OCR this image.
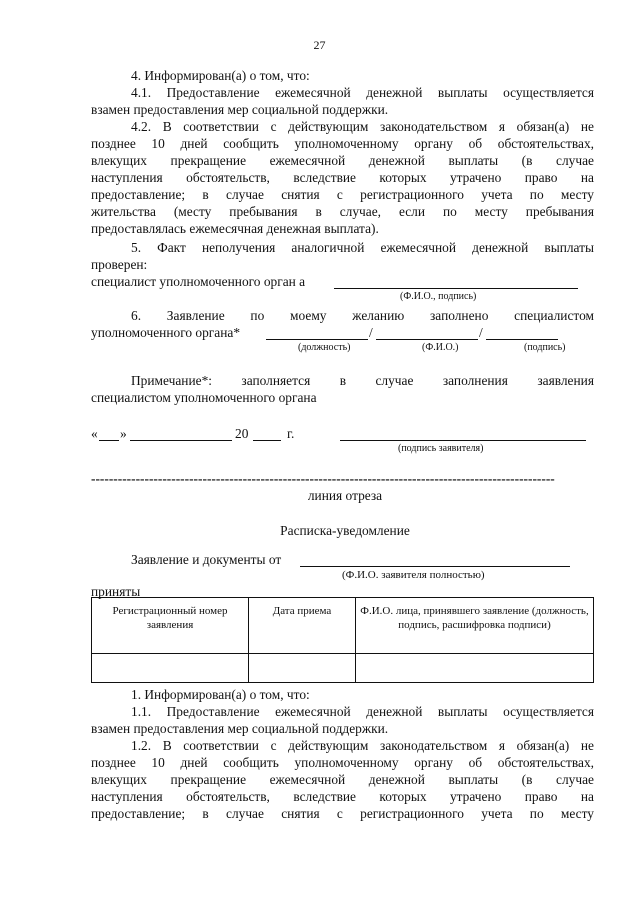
27
4. Информирован(а) о том, что:
4.1. Предоставление ежемесячной денежной выплаты осуществляется
взамен предоставления мер социальной поддержки.
4.2. В соответствии с действующим законодательством я обязан(а) не
позднее 10 дней сообщить уполномоченному органу об обстоятельствах,
влекущих прекращение ежемесячной денежной выплаты (в случае
наступления обстоятельств, вследствие которых утрачено право на
предоставление; в случае снятия с регистрационного учета по месту
жительства (месту пребывания в случае, если по месту пребывания
предоставлялась ежемесячная денежная выплата).
5. Факт неполучения аналогичной ежемесячной денежной выплаты
проверен:
специалист уполномоченного орган а
(Ф.И.О., подпись)
6. Заявление по моему желанию заполнено специалистом
уполномоченного органа*	/	/
(должность)	(Ф.И.О.)	(подпись)
Примечание*: заполняется в случае заполнения заявления
специалистом уполномоченного органа
« »	20	г.
(подпись заявителя)
--------------------------------------------------------------------------------------------------------
линия отреза
Расписка-уведомление
Заявление и документы от
(Ф.И.О. заявителя полностью)
приняты
Регистрационный номер заявления	Дата приема	Ф.И.О. лица, принявшего заявление (должность, подпись, расшифровка подписи)

1. Информирован(а) о том, что:
1.1. Предоставление ежемесячной денежной выплаты осуществляется
взамен предоставления мер социальной поддержки.
1.2. В соответствии с действующим законодательством я обязан(а) не
позднее 10 дней сообщить уполномоченному органу об обстоятельствах,
влекущих прекращение ежемесячной денежной выплаты (в случае
наступления обстоятельств, вследствие которых утрачено право на
предоставление; в случае снятия с регистрационного учета по месту
